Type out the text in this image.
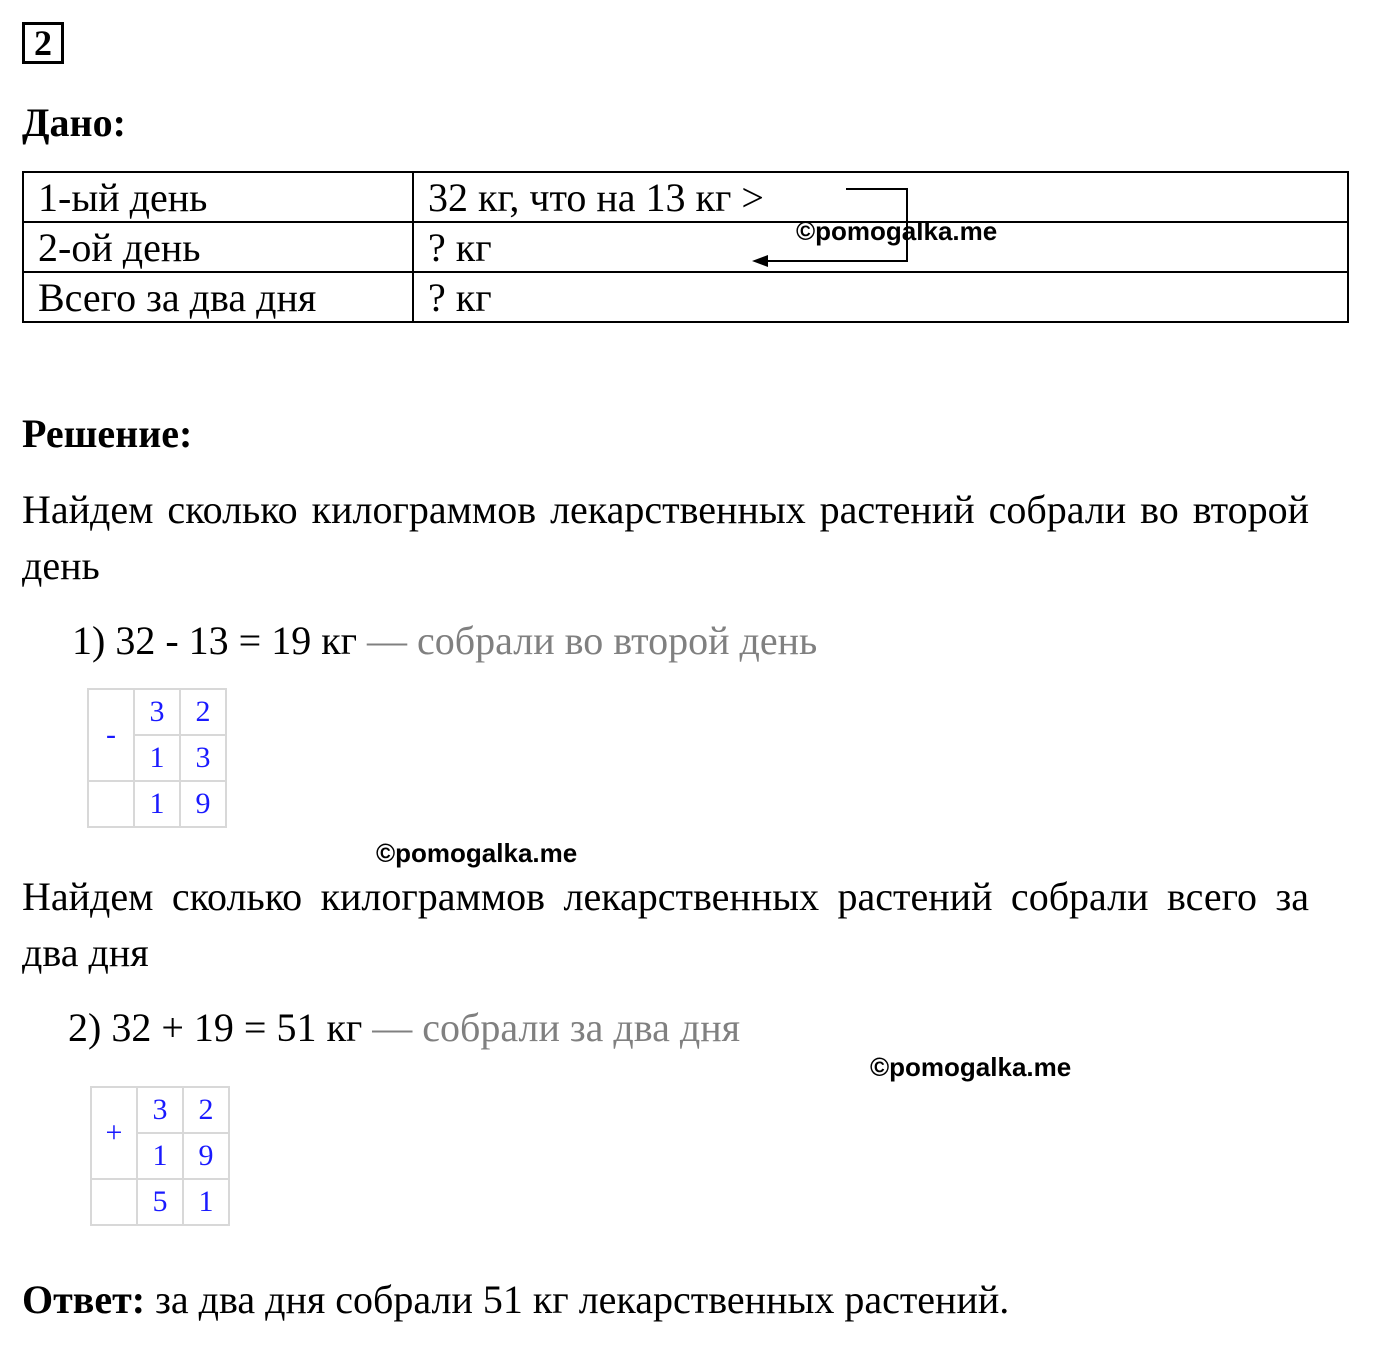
2
Дано:
1-ый день	32 кг, что на 13 кг >
2-ой день	? кг
Всего за два дня	? кг
©pomogalka.me
Решение:
Найдем сколько килограммов лекарственных растений собрали во второй день
1) 32 - 13 = 19 кг — собрали во второй день
-	3	2
	1	3
	1	9
©pomogalka.me
Найдем сколько килограммов лекарственных растений собрали всего за два дня
2) 32 + 19 = 51 кг — собрали за два дня
©pomogalka.me
+	3	2
	1	9
	5	1
Ответ: за два дня собрали 51 кг лекарственных растений.
